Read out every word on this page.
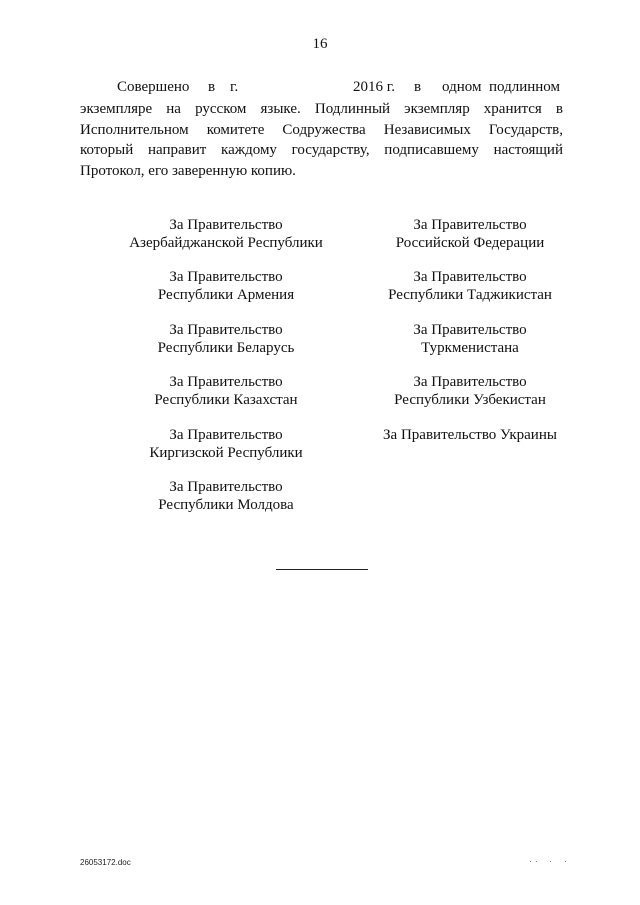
16
Совершено в г.	2016 г. в одном подлинном
экземпляре на русском языке. Подлинный экземпляр хранится в
Исполнительном комитете Содружества Независимых Государств,
который направит каждому государству, подписавшему настоящий
Протокол, его заверенную копию.
За Правительство
Азербайджанской Республики
За Правительство
Республики Армения
За Правительство
Республики Беларусь
За Правительство
Республики Казахстан
За Правительство
Киргизской Республики
За Правительство
Республики Молдова
За Правительство
Российской Федерации
За Правительство
Республики Таджикистан
За Правительство
Туркменистана
За Правительство
Республики Узбекистан
За Правительство Украины
26053172.doc
